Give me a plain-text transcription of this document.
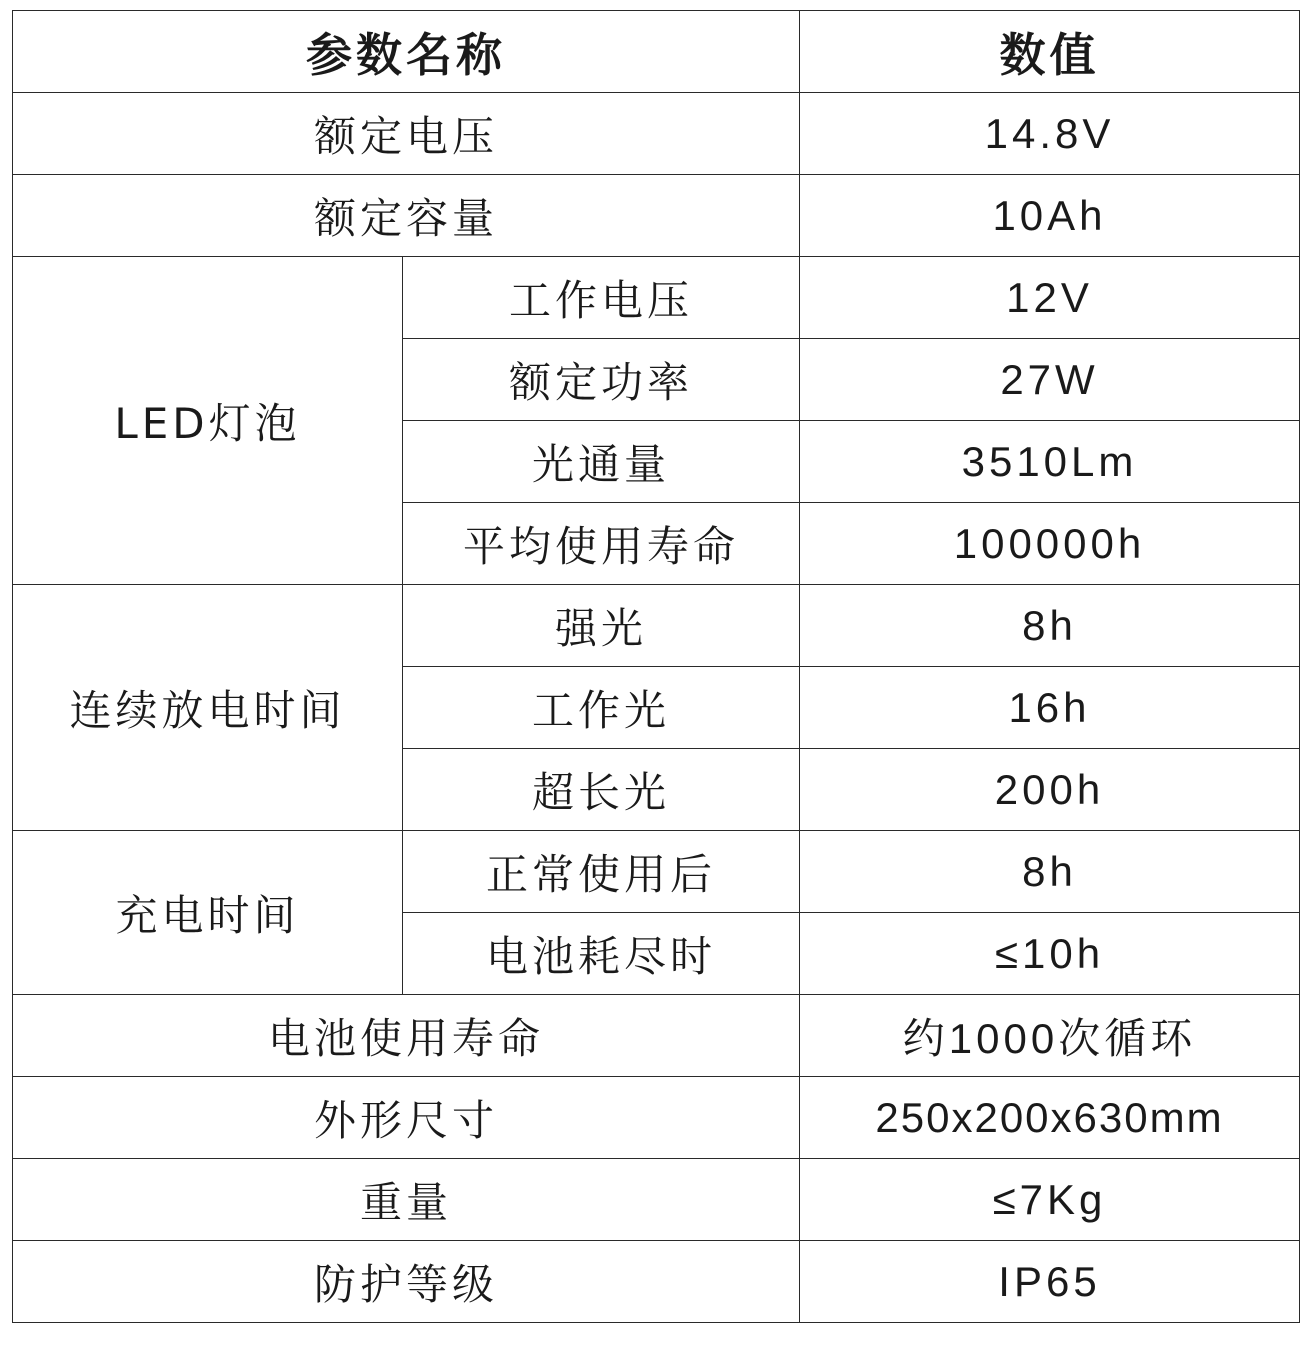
参数名称		数值
额定电压		14.8V
额定容量		10Ah
LED灯泡	工作电压	12V
	额定功率	27W
	光通量	3510Lm
	平均使用寿命	100000h
连续放电时间	强光	8h
	工作光	16h
	超长光	200h
充电时间	正常使用后	8h
	电池耗尽时	≤10h
电池使用寿命		约1000次循环
外形尺寸		250x200x630mm
重量		≤7Kg
防护等级		IP65
